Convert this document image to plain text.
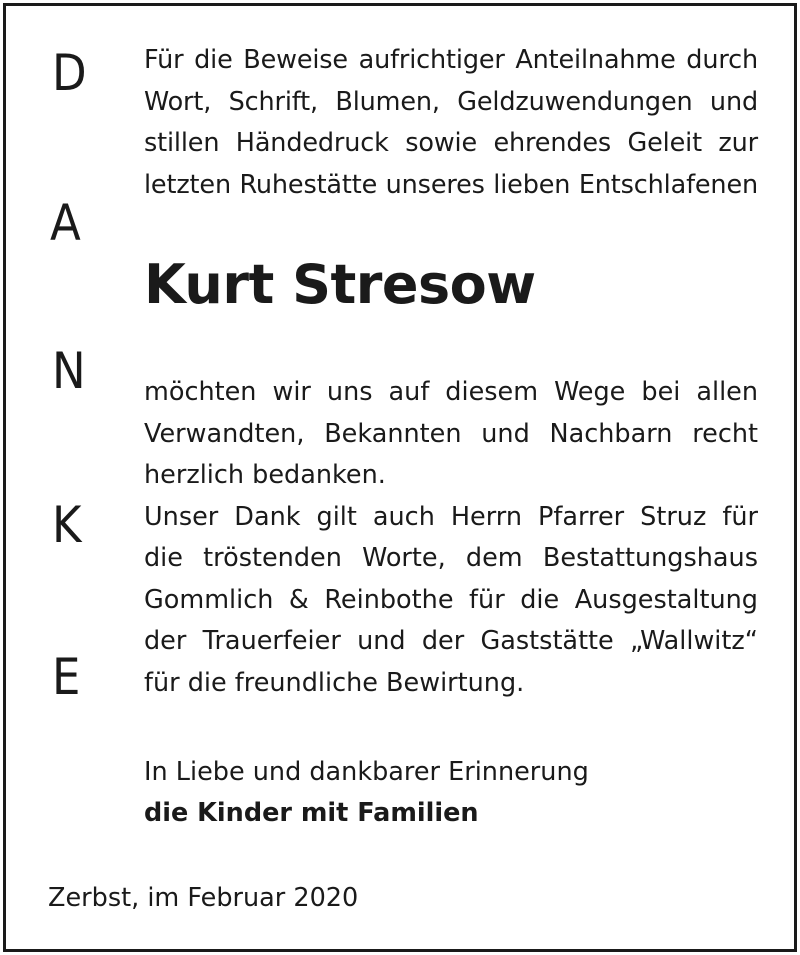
D
A
N
K
E
Für die Beweise aufrichtiger Anteilnahme durch
Wort, Schrift, Blumen, Geldzuwendungen und
stillen Händedruck sowie ehrendes Geleit zur
letzten Ruhestätte unseres lieben Entschlafenen
Kurt Stresow
möchten wir uns auf diesem Wege bei allen
Verwandten, Bekannten und Nachbarn recht
herzlich bedanken.
Unser Dank gilt auch Herrn Pfarrer Struz für
die tröstenden Worte, dem Bestattungshaus
Gommlich & Reinbothe für die Ausgestaltung
der Trauerfeier und der Gaststätte „Wallwitz“
für die freundliche Bewirtung.
In Liebe und dankbarer Erinnerung
die Kinder mit Familien
Zerbst, im Februar 2020
